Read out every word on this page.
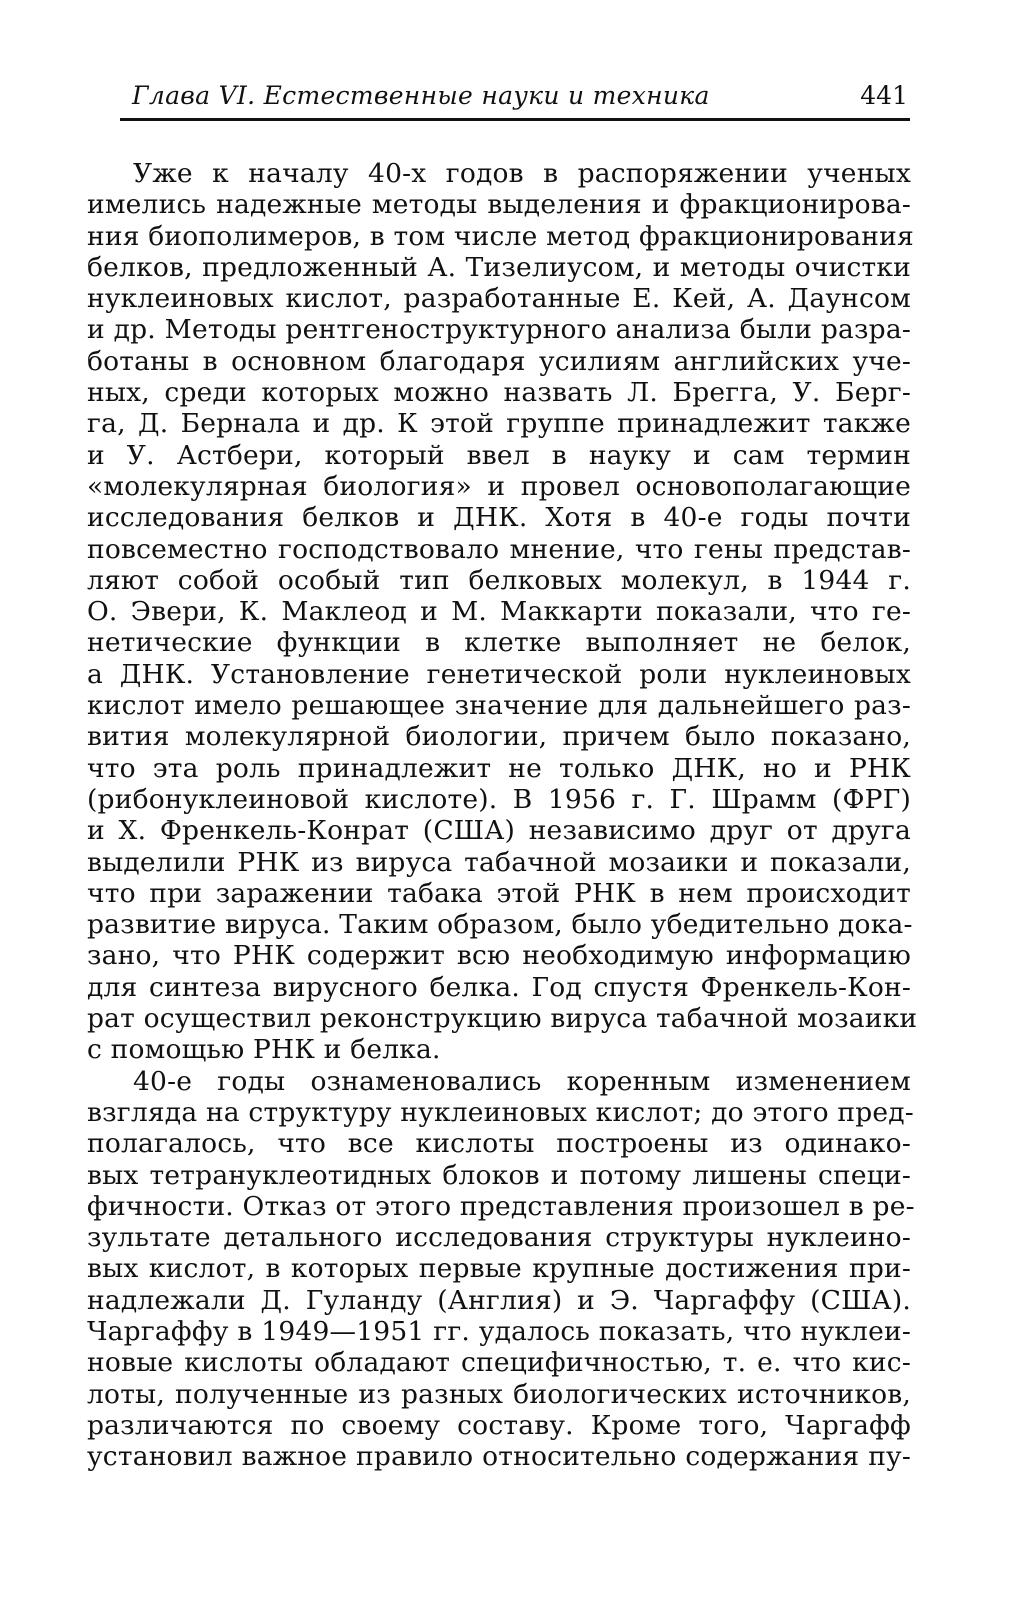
Глава VI. Естественные науки и техника	441
Уже к началу 40-х годов в распоряжении ученых
имелись надежные методы выделения и фракционирова-
ния биополимеров, в том числе метод фракционирования
белков, предложенный А. Тизелиусом, и методы очистки
нуклеиновых кислот, разработанные Е. Кей, А. Даунсом
и др. Методы рентгеноструктурного анализа были разра-
ботаны в основном благодаря усилиям английских уче-
ных, среди которых можно назвать Л. Брегга, У. Берг-
га, Д. Бернала и др. К этой группе принадлежит также
и У. Астбери, который ввел в науку и сам термин
«молекулярная биология» и провел основополагающие
исследования белков и ДНК. Хотя в 40-е годы почти
повсеместно господствовало мнение, что гены представ-
ляют собой особый тип белковых молекул, в 1944 г.
О. Эвери, К. Маклеод и М. Маккарти показали, что ге-
нетические функции в клетке выполняет не белок,
а ДНК. Установление генетической роли нуклеиновых
кислот имело решающее значение для дальнейшего раз-
вития молекулярной биологии, причем было показано,
что эта роль принадлежит не только ДНК, но и РНК
(рибонуклеиновой кислоте). В 1956 г. Г. Шрамм (ФРГ)
и Х. Френкель-Конрат (США) независимо друг от друга
выделили РНК из вируса табачной мозаики и показали,
что при заражении табака этой РНК в нем происходит
развитие вируса. Таким образом, было убедительно дока-
зано, что РНК содержит всю необходимую информацию
для синтеза вирусного белка. Год спустя Френкель-Кон-
рат осуществил реконструкцию вируса табачной мозаики
с помощью РНК и белка.
40-е годы ознаменовались коренным изменением
взгляда на структуру нуклеиновых кислот; до этого пред-
полагалось, что все кислоты построены из одинако-
вых тетрануклеотидных блоков и потому лишены специ-
фичности. Отказ от этого представления произошел в ре-
зультате детального исследования структуры нуклеино-
вых кислот, в которых первые крупные достижения при-
надлежали Д. Гуланду (Англия) и Э. Чаргаффу (США).
Чаргаффу в 1949—1951 гг. удалось показать, что нуклеи-
новые кислоты обладают специфичностью, т. е. что кис-
лоты, полученные из разных биологических источников,
различаются по своему составу. Кроме того, Чаргафф
установил важное правило относительно содержания пу-
